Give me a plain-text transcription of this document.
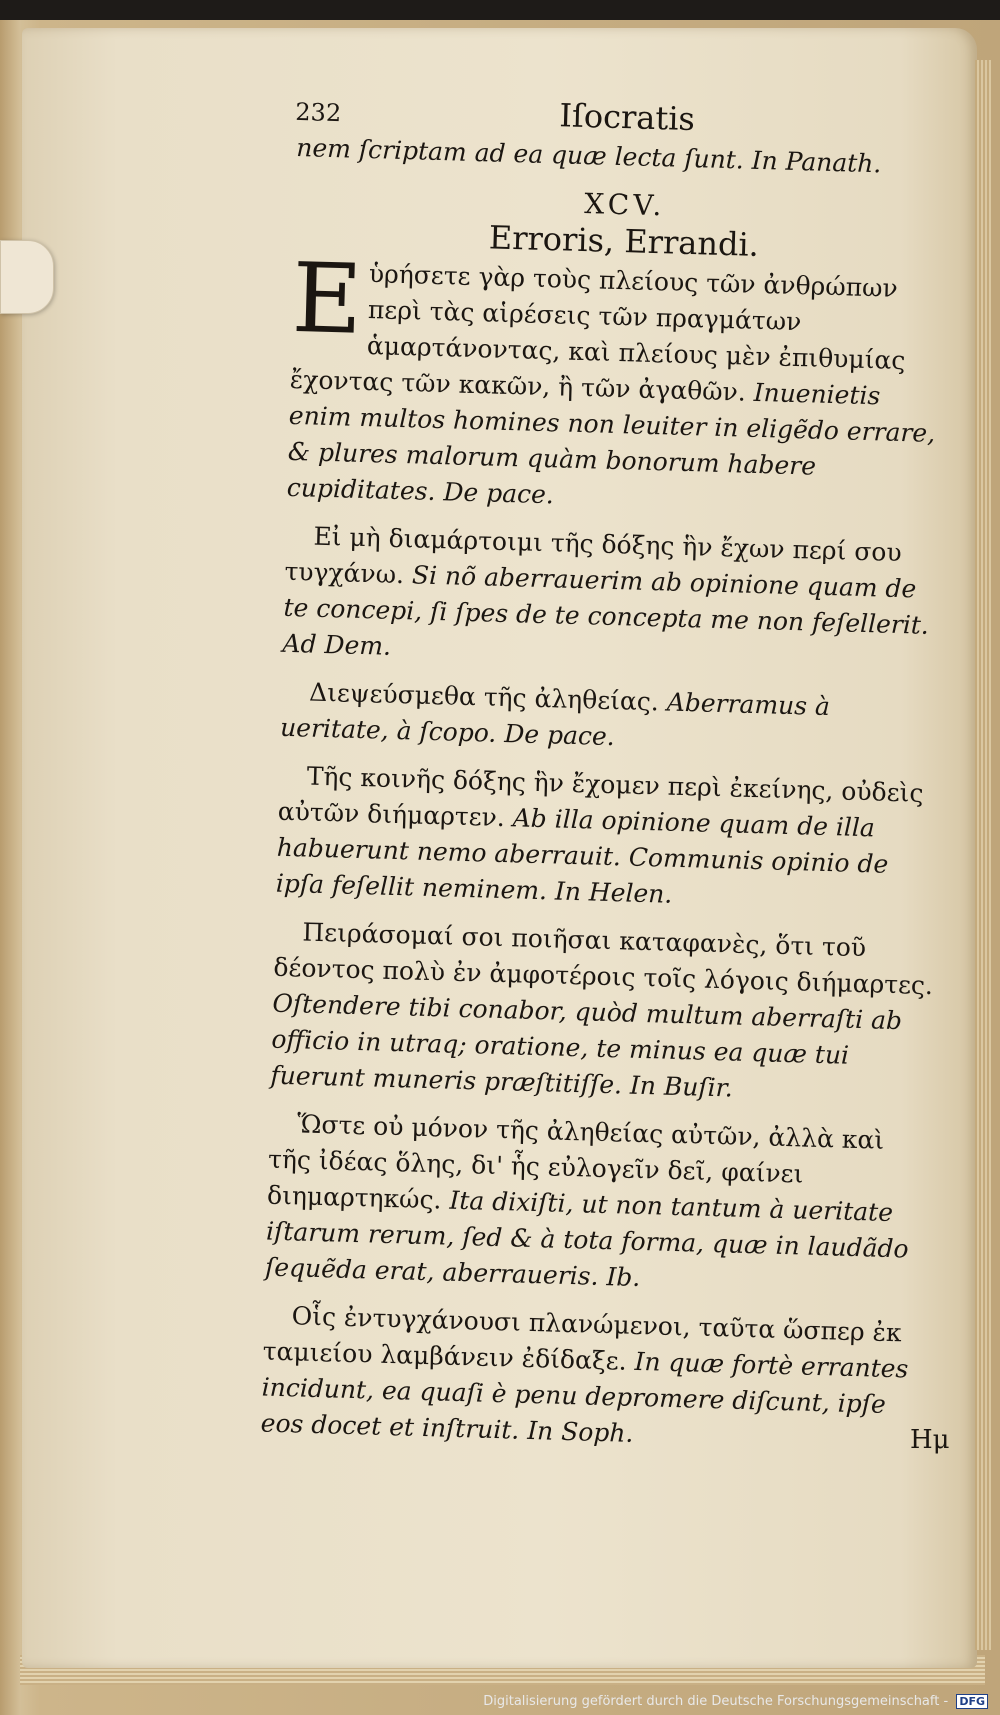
232	Iſocratis

nem ſcriptam ad ea quæ lecta ſunt. In Panath.

XCV.
Erroris, Errandi.

E ὑρήσετε γὰρ τοὺς πλείους τῶν ἀνθρώπων περὶ τὰς αἱρέσεις τῶν πραγμάτων ἁμαρτάνοντας, καὶ πλείους μὲν ἐπιθυμίας ἔχοντας τῶν κακῶν, ἢ τῶν ἀγαθῶν. Inuenietis enim multos homines non leuiter in eligẽdo errare, & plures malorum quàm bonorum habere cupiditates. De pace.

Εἰ μὴ διαμάρτοιμι τῆς δόξης ἣν ἔχων περί σου τυγχάνω. Si nõ aberrauerim ab opinione quam de te concepi, ſi ſpes de te concepta me non feſellerit. Ad Dem.

Διεψεύσμεθα τῆς ἀληθείας. Aberramus à ueritate, à ſcopo. De pace.

Τῆς κοινῆς δόξης ἣν ἔχομεν περὶ ἐκείνης, οὐδεὶς αὐτῶν διήμαρτεν. Ab illa opinione quam de illa habuerunt nemo aberrauit. Communis opinio de ipſa feſellit neminem. In Helen.

Πειράσομαί σοι ποιῆσαι καταφανὲς, ὅτι τοῦ δέοντος πολὺ ἐν ἀμφοτέροις τοῖς λόγοις διήμαρτες. Oſtendere tibi conabor, quòd multum aberraſti ab officio in utraq; oratione, te minus ea quæ tui fuerunt muneris præſtitiſſe. In Buſir.

Ὥστε οὐ μόνον τῆς ἀληθείας αὐτῶν, ἀλλὰ καὶ τῆς ἰδέας ὅλης, δι' ἧς εὐλογεῖν δεῖ, φαίνει διημαρτηκώς. Ita dixiſti, ut non tantum à ueritate iſtarum rerum, ſed & à tota forma, quæ in laudãdo ſequẽda erat, aberraueris. Ib.

Οἷς ἐντυγχάνουσι πλανώμενοι, ταῦτα ὥσπερ ἐκ ταμιείου λαμβάνειν ἐδίδαξε. In quæ fortè errantes incidunt, ea quaſi è penu depromere diſcunt, ipſe eos docet et inſtruit. In Soph.	Ημ
Digitalisierung gefördert durch die Deutsche Forschungsgemeinschaft - DFG
